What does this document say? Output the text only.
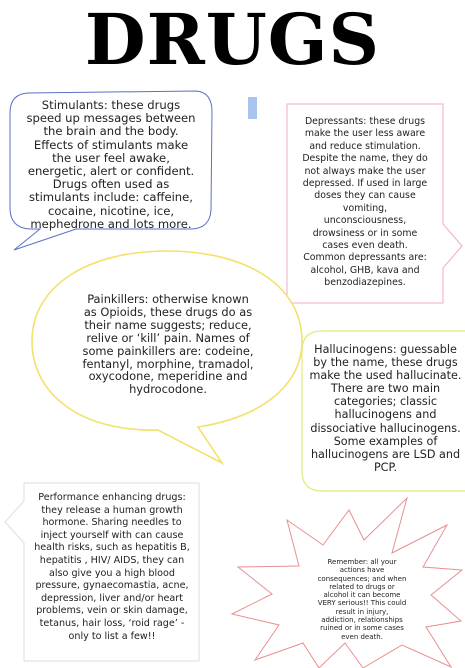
DRUGS
Stimulants: these drugs
speed up messages between
the brain and the body.
Effects of stimulants make
the user feel awake,
energetic, alert or confident.
Drugs often used as
stimulants include: caffeine,
cocaine, nicotine, ice,
mephedrone and lots more.
Depressants: these drugs
make the user less aware
and reduce stimulation.
Despite the name, they do
not always make the user
depressed. If used in large
doses they can cause
vomiting,
unconsciousness,
drowsiness or in some
cases even death.
Common depressants are:
alcohol, GHB, kava and
benzodiazepines.
Painkillers: otherwise known
as Opioids, these drugs do as
their name suggests; reduce,
relive or ‘kill’ pain. Names of
some painkillers are: codeine,
fentanyl, morphine, tramadol,
oxycodone, meperidine and
hydrocodone.
Hallucinogens: guessable
by the name, these drugs
make the used hallucinate.
There are two main
categories; classic
hallucinogens and
dissociative hallucinogens.
Some examples of
hallucinogens are LSD and
PCP.
Performance enhancing drugs:
they release a human growth
hormone. Sharing needles to
inject yourself with can cause
health risks, such as hepatitis B,
hepatitis , HIV/ AIDS, they can
also give you a high blood
pressure, gynaecomastia, acne,
depression, liver and/or heart
problems, vein or skin damage,
tetanus, hair loss, ‘roid rage’ -
only to list a few!!
Remember: all your
actions have
consequences; and when
related to drugs or
alcohol it can become
VERY serious!! This could
result in injury,
addiction, relationships
ruined or in some cases
even death.
